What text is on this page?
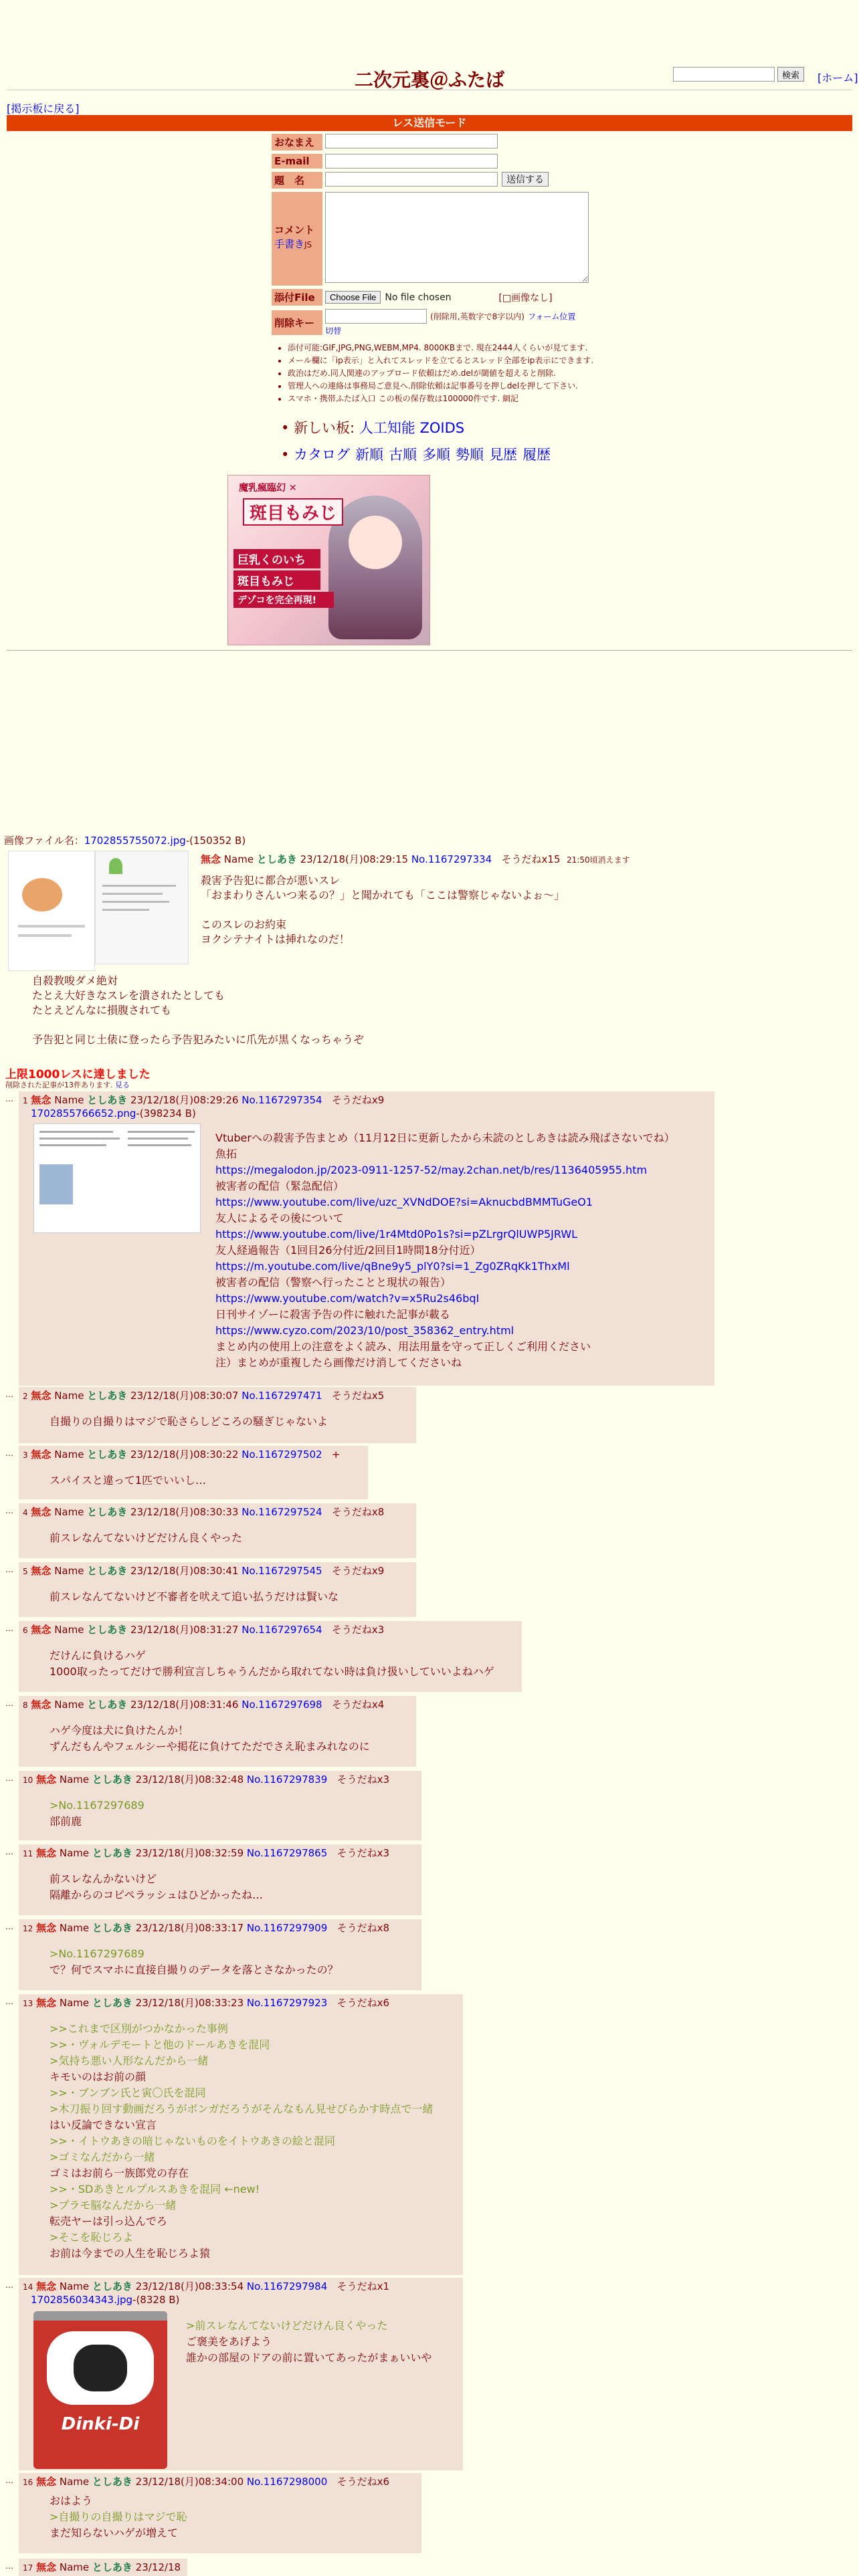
二次元裏＠ふたば	検索	[ホーム]
[掲示板に戻る]
レス送信モード
おなまえ
E-mail
題　名	送信する
コメント
手書きJS
添付File	Choose File No file chosen	[□画像なし]
削除キー
(削除用,英数字で8字以内) フォーム位置
切替
• 添付可能:GIF,JPG,PNG,WEBM,MP4. 8000KBまで. 現在2444人くらいが見てます.
• メール欄に「ip表示」と入れてスレッドを立てるとスレッド全部をip表示にできます.
• 政治はだめ.同人関連のアップロード依頼はだめ.delが閾値を超えると削除.
• 管理人への連絡は事務局ご意見へ.削除依頼は記事番号を押しdelを押して下さい.
• スマホ・携帯ふたば入口 この板の保存数は100000件です. 網記
• 新しい板: 人工知能 ZOIDS
• カタログ 新順 古順 多順 勢順 見歴 履歴
魔乳瘋臨幻 ✕
斑目もみじ
巨乳くのいち
斑目もみじ
デゾコを完全再現!
画像ファイル名：1702855755072.jpg-(150352 B)
無念 Name としあき 23/12/18(月)08:29:15 No.1167297334 そうだねx15 21:50頃消えます
殺害予告犯に都合が悪いスレ
「おまわりさんいつ来るの？」と聞かれても「ここは警察じゃないよぉ～」

このスレのお約束
ヨクシテナイトは挿れなのだ！
自殺教唆ダメ絶対
たとえ大好きなスレを潰されたとしても
たとえどんなに損腹されても

予告犯と同じ土俵に登ったら予告犯みたいに爪先が黒くなっちゃうぞ
上限1000レスに達しました
削除された記事が13件あります. 見る
… 1 無念 Name としあき 23/12/18(月)08:29:26 No.1167297354 そうだねx9
1702855766652.png-(398234 B)
Vtuberへの殺害予告まとめ（11月12日に更新したから未読のとしあきは読み飛ばさないでね）
魚拓
https://megalodon.jp/2023-0911-1257-52/may.2chan.net/b/res/1136405955.htm
被害者の配信（緊急配信）
https://www.youtube.com/live/uzc_XVNdDOE?si=AknucbdBMMTuGeO1
友人によるその後について
https://www.youtube.com/live/1r4Mtd0Po1s?si=pZLrgrQlUWP5JRWL
友人経過報告（1回目26分付近/2回目1時間18分付近）
https://m.youtube.com/live/qBne9y5_plY0?si=1_Zg0ZRqKk1ThxMl
被害者の配信（警察へ行ったことと現状の報告）
https://www.youtube.com/watch?v=x5Ru2s46bqI
日刊サイゾーに殺害予告の件に触れた記事が載る
https://www.cyzo.com/2023/10/post_358362_entry.html
まとめ内の使用上の注意をよく読み、用法用量を守って正しくご利用ください
注）まとめが重複したら画像だけ消してくださいね
… 2 無念 Name としあき 23/12/18(月)08:30:07 No.1167297471 そうだねx5
自撮りの自撮りはマジで恥さらしどころの騒ぎじゃないよ
… 3 無念 Name としあき 23/12/18(月)08:30:22 No.1167297502 +
スパイスと違って1匹でいいし…
… 4 無念 Name としあき 23/12/18(月)08:30:33 No.1167297524 そうだねx8
前スレなんてないけどだけん良くやった
… 5 無念 Name としあき 23/12/18(月)08:30:41 No.1167297545 そうだねx9
前スレなんてないけど不審者を吠えて追い払うだけは賢いな
… 6 無念 Name としあき 23/12/18(月)08:31:27 No.1167297654 そうだねx3
だけんに負けるハゲ
1000取ったってだけで勝利宣言しちゃうんだから取れてない時は負け扱いしていいよねハゲ
… 8 無念 Name としあき 23/12/18(月)08:31:46 No.1167297698 そうだねx4
ハゲ今度は犬に負けたんか！
ずんだもんやフェルシーや掲花に負けてただでさえ恥まみれなのに
… 10 無念 Name としあき 23/12/18(月)08:32:48 No.1167297839 そうだねx3
>No.1167297689
部前鹿
… 11 無念 Name としあき 23/12/18(月)08:32:59 No.1167297865 そうだねx3
前スレなんかないけど
隔離からのコピペラッシュはひどかったね…
… 12 無念 Name としあき 23/12/18(月)08:33:17 No.1167297909 そうだねx8
>No.1167297689
で？何でスマホに直接自撮りのデータを落とさなかったの？
… 13 無念 Name としあき 23/12/18(月)08:33:23 No.1167297923 そうだねx6
>>これまで区別がつかなかった事例
>>・ヴォルデモートと他のドールあきを混同
>気持ち悪い人形なんだから一緒
キモいのはお前の顔
>>・ブンブン氏と寅〇氏を混同
>木刀振り回す動画だろうがボンガだろうがそんなもん見せびらかす時点で一緒
はい反論できない宣言
>>・イトウあきの暗じゃないものをイトウあきの絵と混同
>ゴミなんだから一緒
ゴミはお前ら一族郎党の存在
>>・SDあきとルプルスあきを混同 ←new!
>プラモ脳なんだから一緒
転売ヤーは引っ込んでろ
>そこを恥じろよ
お前は今までの人生を恥じろよ猿
… 14 無念 Name としあき 23/12/18(月)08:33:54 No.1167297984 そうだねx1
1702856034343.jpg-(8328 B)
Dinki-Di
>前スレなんてないけどだけん良くやった
ご褒美をあげよう
誰かの部屋のドアの前に置いてあったがまぁいいや
… 16 無念 Name としあき 23/12/18(月)08:34:00 No.1167298000 そうだねx6
おはよう
>自撮りの自撮りはマジで恥
まだ知らないハゲが増えて
… 17 無念 Name としあき 23/12/18
